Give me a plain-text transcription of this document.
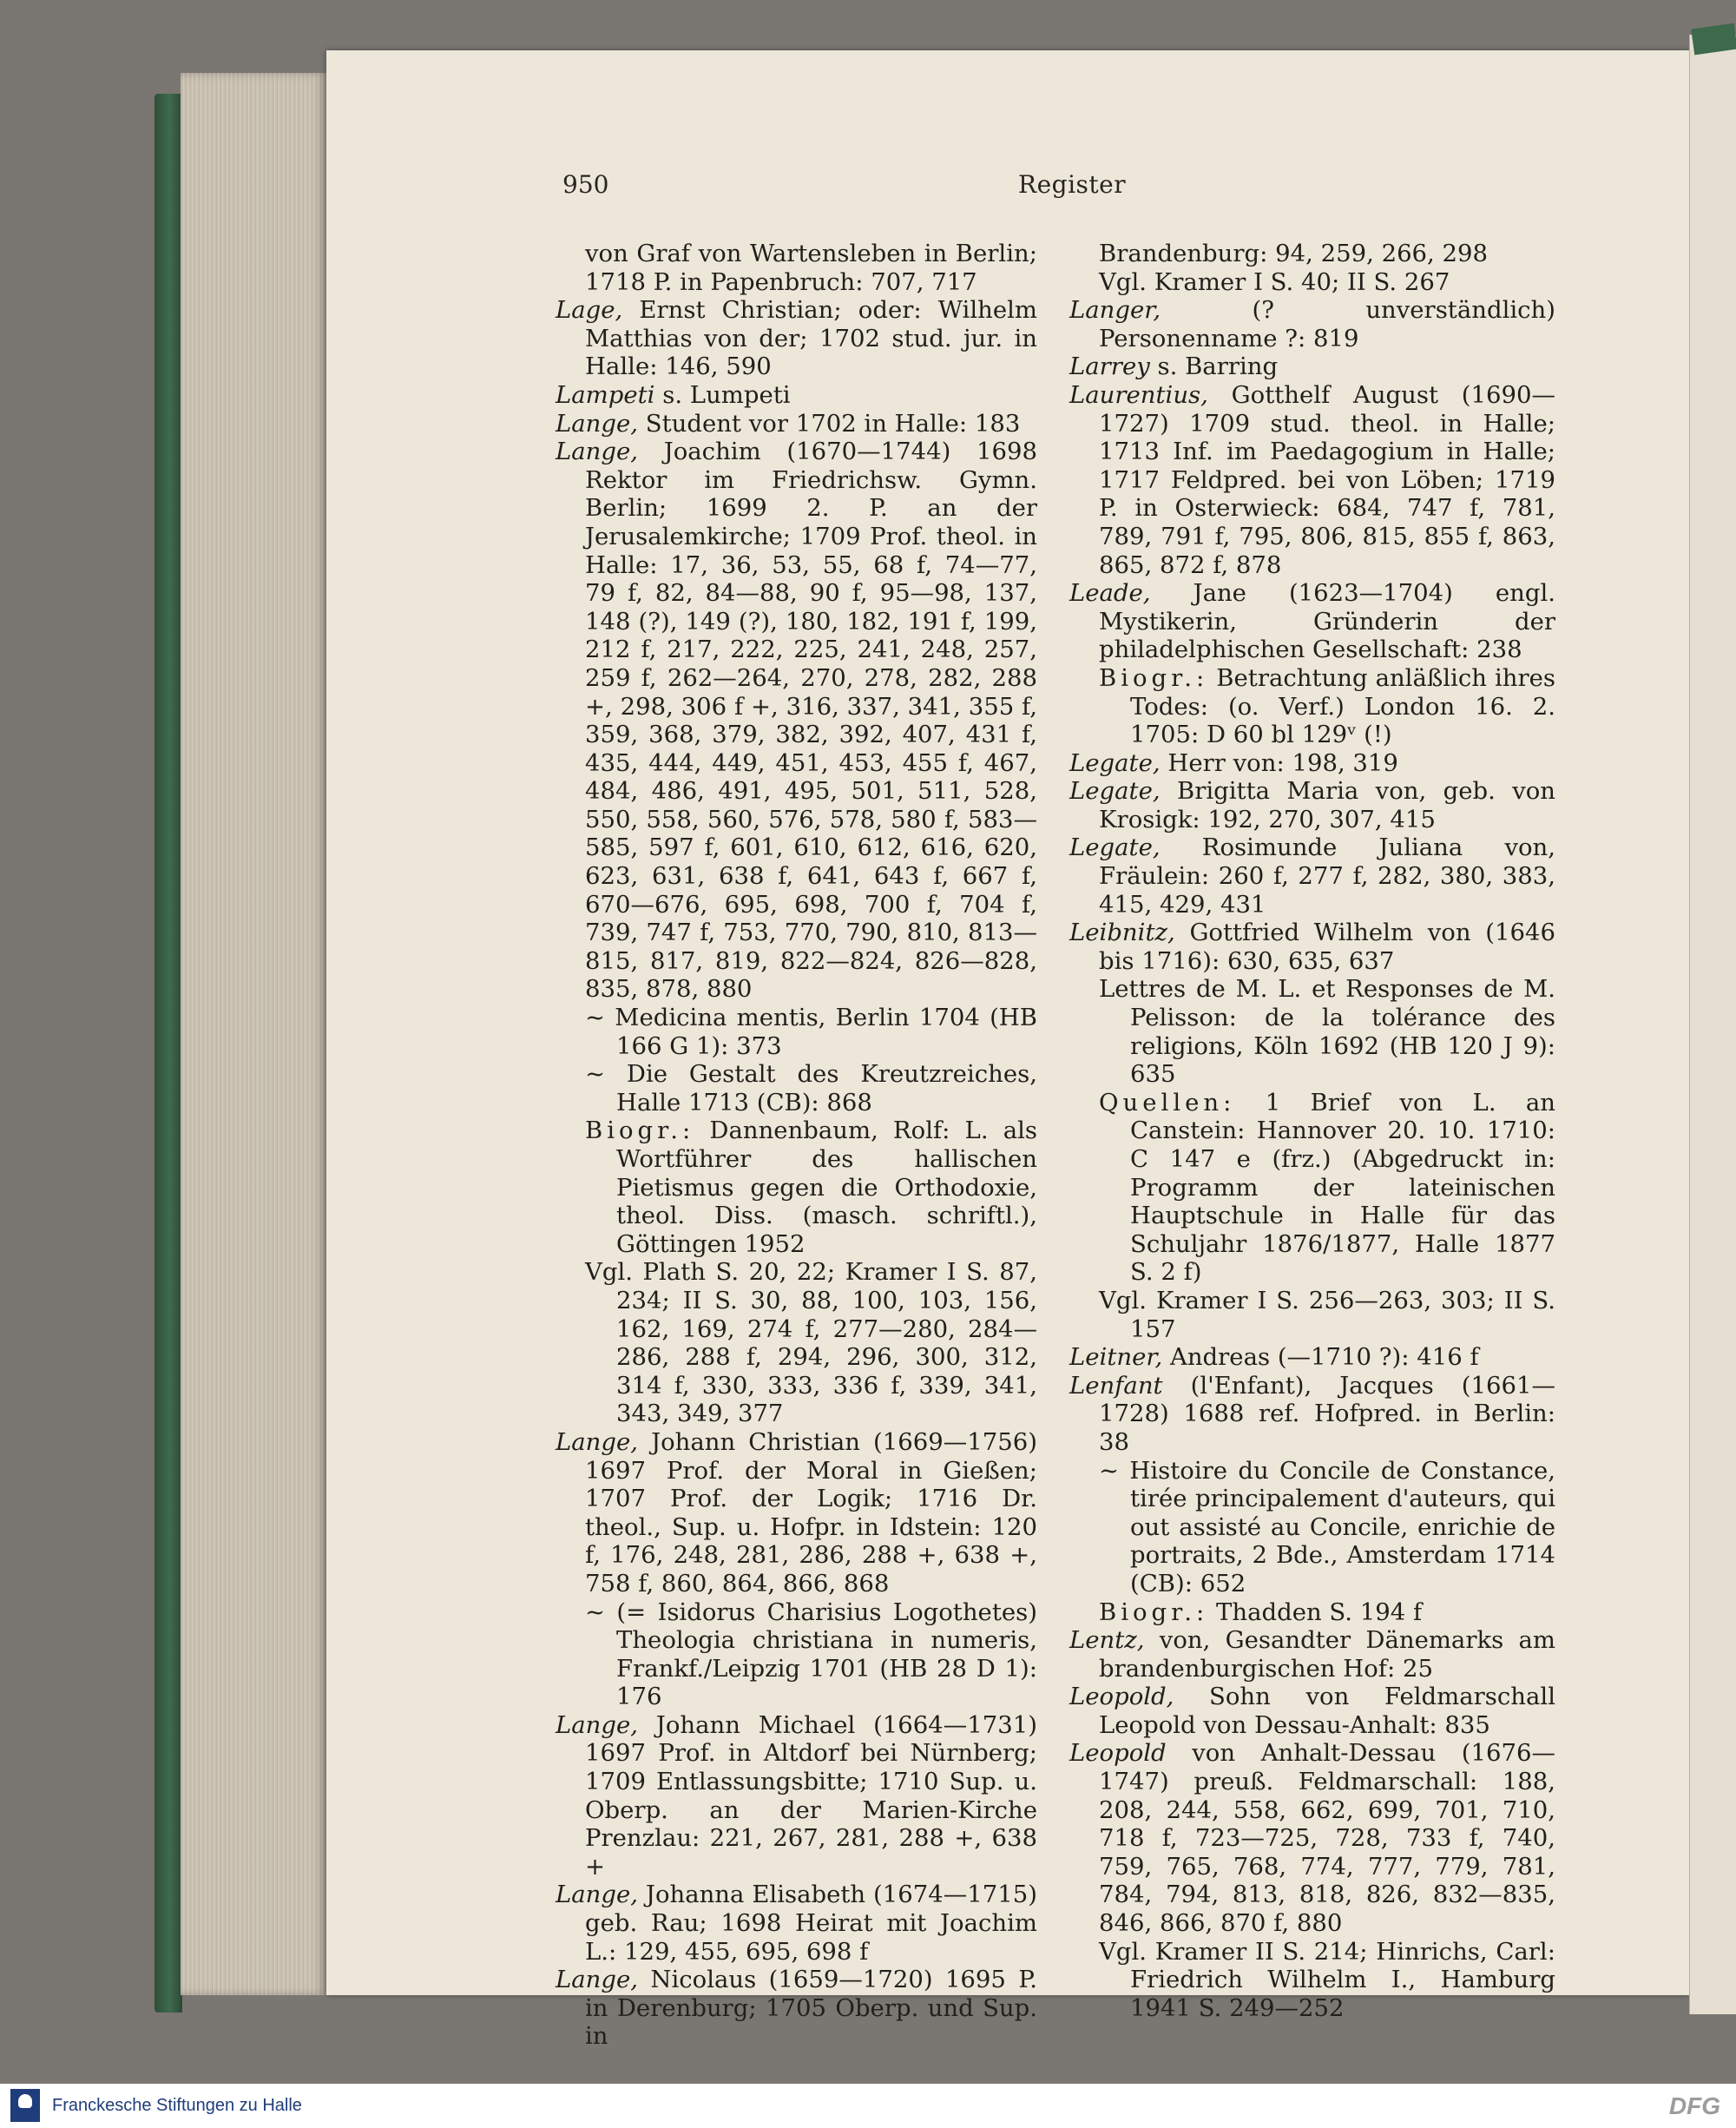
950	Register
von Graf von Wartensleben in Berlin; 1718 P. in Papenbruch: 707, 717
Lage, Ernst Christian; oder: Wilhelm Matthias von der; 1702 stud. jur. in Halle: 146, 590
Lampeti s. Lumpeti
Lange, Student vor 1702 in Halle: 183
Lange, Joachim (1670—1744) 1698 Rektor im Friedrichsw. Gymn. Berlin; 1699 2. P. an der Jerusalemkirche; 1709 Prof. theol. in Halle: 17, 36, 53, 55, 68 f, 74—77, 79 f, 82, 84—88, 90 f, 95—98, 137, 148 (?), 149 (?), 180, 182, 191 f, 199, 212 f, 217, 222, 225, 241, 248, 257, 259 f, 262—264, 270, 278, 282, 288 +, 298, 306 f +, 316, 337, 341, 355 f, 359, 368, 379, 382, 392, 407, 431 f, 435, 444, 449, 451, 453, 455 f, 467, 484, 486, 491, 495, 501, 511, 528, 550, 558, 560, 576, 578, 580 f, 583—585, 597 f, 601, 610, 612, 616, 620, 623, 631, 638 f, 641, 643 f, 667 f, 670—676, 695, 698, 700 f, 704 f, 739, 747 f, 753, 770, 790, 810, 813—815, 817, 819, 822—824, 826—828, 835, 878, 880
~ Medicina mentis, Berlin 1704 (HB 166 G 1): 373
~ Die Gestalt des Kreutzreiches, Halle 1713 (CB): 868
Biogr.: Dannenbaum, Rolf: L. als Wortführer des hallischen Pietismus gegen die Orthodoxie, theol. Diss. (masch. schriftl.), Göttingen 1952
Vgl. Plath S. 20, 22; Kramer I S. 87, 234; II S. 30, 88, 100, 103, 156, 162, 169, 274 f, 277—280, 284—286, 288 f, 294, 296, 300, 312, 314 f, 330, 333, 336 f, 339, 341, 343, 349, 377
Lange, Johann Christian (1669—1756) 1697 Prof. der Moral in Gießen; 1707 Prof. der Logik; 1716 Dr. theol., Sup. u. Hofpr. in Idstein: 120 f, 176, 248, 281, 286, 288 +, 638 +, 758 f, 860, 864, 866, 868
~ (= Isidorus Charisius Logothetes) Theologia christiana in numeris, Frankf./Leipzig 1701 (HB 28 D 1): 176
Lange, Johann Michael (1664—1731) 1697 Prof. in Altdorf bei Nürnberg; 1709 Entlassungsbitte; 1710 Sup. u. Oberp. an der Marien-Kirche Prenzlau: 221, 267, 281, 288 +, 638 +
Lange, Johanna Elisabeth (1674—1715) geb. Rau; 1698 Heirat mit Joachim L.: 129, 455, 695, 698 f
Lange, Nicolaus (1659—1720) 1695 P. in Derenburg; 1705 Oberp. und Sup. in
Brandenburg: 94, 259, 266, 298
Vgl. Kramer I S. 40; II S. 267
Langer, (? unverständlich) Personenname ?: 819
Larrey s. Barring
Laurentius, Gotthelf August (1690—1727) 1709 stud. theol. in Halle; 1713 Inf. im Paedagogium in Halle; 1717 Feldpred. bei von Löben; 1719 P. in Osterwieck: 684, 747 f, 781, 789, 791 f, 795, 806, 815, 855 f, 863, 865, 872 f, 878
Leade, Jane (1623—1704) engl. Mystikerin, Gründerin der philadelphischen Gesellschaft: 238
Biogr.: Betrachtung anläßlich ihres Todes: (o. Verf.) London 16. 2. 1705: D 60 bl 129ᵛ (!)
Legate, Herr von: 198, 319
Legate, Brigitta Maria von, geb. von Krosigk: 192, 270, 307, 415
Legate, Rosimunde Juliana von, Fräulein: 260 f, 277 f, 282, 380, 383, 415, 429, 431
Leibnitz, Gottfried Wilhelm von (1646 bis 1716): 630, 635, 637
Lettres de M. L. et Responses de M. Pelisson: de la tolérance des religions, Köln 1692 (HB 120 J 9): 635
Quellen: 1 Brief von L. an Canstein: Hannover 20. 10. 1710: C 147 e (frz.) (Abgedruckt in: Programm der lateinischen Hauptschule in Halle für das Schuljahr 1876/1877, Halle 1877 S. 2 f)
Vgl. Kramer I S. 256—263, 303; II S. 157
Leitner, Andreas (—1710 ?): 416 f
Lenfant (l'Enfant), Jacques (1661—1728) 1688 ref. Hofpred. in Berlin: 38
~ Histoire du Concile de Constance, tirée principalement d'auteurs, qui out assisté au Concile, enrichie de portraits, 2 Bde., Amsterdam 1714 (CB): 652
Biogr.: Thadden S. 194 f
Lentz, von, Gesandter Dänemarks am brandenburgischen Hof: 25
Leopold, Sohn von Feldmarschall Leopold von Dessau-Anhalt: 835
Leopold von Anhalt-Dessau (1676—1747) preuß. Feldmarschall: 188, 208, 244, 558, 662, 699, 701, 710, 718 f, 723—725, 728, 733 f, 740, 759, 765, 768, 774, 777, 779, 781, 784, 794, 813, 818, 826, 832—835, 846, 866, 870 f, 880
Vgl. Kramer II S. 214; Hinrichs, Carl: Friedrich Wilhelm I., Hamburg 1941 S. 249—252
Franckesche Stiftungen zu Halle	DFG
